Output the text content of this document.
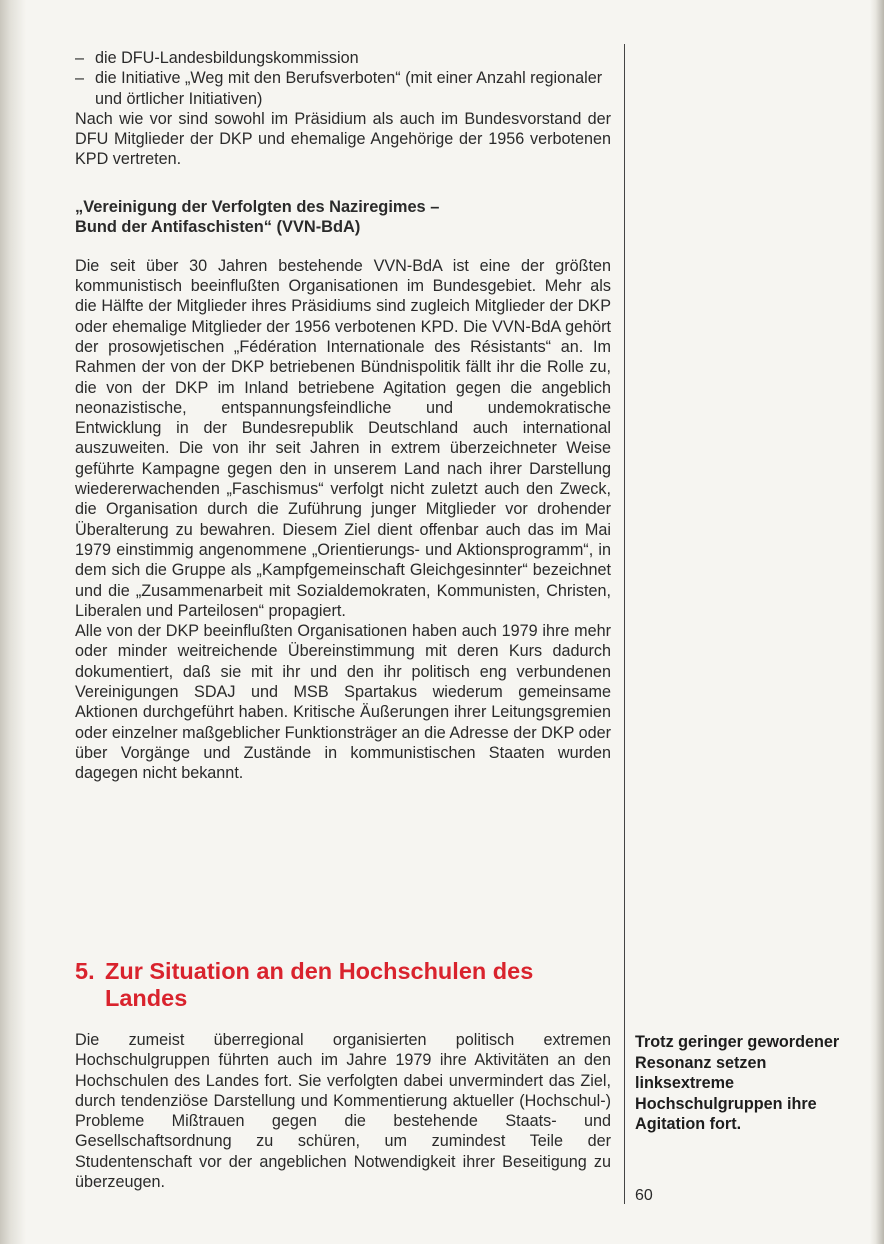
– die DFU-Landesbildungskommission
– die Initiative „Weg mit den Berufsverboten“ (mit einer Anzahl regionaler und örtlicher Initiativen)

Nach wie vor sind sowohl im Präsidium als auch im Bundesvorstand der DFU Mitglieder der DKP und ehemalige Angehörige der 1956 verbotenen KPD vertreten.

„Vereinigung der Verfolgten des Naziregimes –
Bund der Antifaschisten“ (VVN-BdA)

Die seit über 30 Jahren bestehende VVN-BdA ist eine der größten kommunistisch beeinflußten Organisationen im Bundesgebiet. Mehr als die Hälfte der Mitglieder ihres Präsidiums sind zugleich Mitglieder der DKP oder ehemalige Mitglieder der 1956 verbotenen KPD. Die VVN-BdA gehört der prosowjetischen „Fédération Internationale des Résistants“ an. Im Rahmen der von der DKP betriebenen Bündnispolitik fällt ihr die Rolle zu, die von der DKP im Inland betriebene Agitation gegen die angeblich neonazistische, entspannungsfeindliche und undemokratische Entwicklung in der Bundesrepublik Deutschland auch international auszuweiten. Die von ihr seit Jahren in extrem überzeichneter Weise geführte Kampagne gegen den in unserem Land nach ihrer Darstellung wiedererwachenden „Faschismus“ verfolgt nicht zuletzt auch den Zweck, die Organisation durch die Zuführung junger Mitglieder vor drohender Überalterung zu bewahren. Diesem Ziel dient offenbar auch das im Mai 1979 einstimmig angenommene „Orientierungs- und Aktionsprogramm“, in dem sich die Gruppe als „Kampfgemeinschaft Gleichgesinnter“ bezeichnet und die „Zusammenarbeit mit Sozialdemokraten, Kommunisten, Christen, Liberalen und Parteilosen“ propagiert.

Alle von der DKP beeinflußten Organisationen haben auch 1979 ihre mehr oder minder weitreichende Übereinstimmung mit deren Kurs dadurch dokumentiert, daß sie mit ihr und den ihr politisch eng verbundenen Vereinigungen SDAJ und MSB Spartakus wiederum gemeinsame Aktionen durchgeführt haben. Kritische Äußerungen ihrer Leitungsgremien oder einzelner maßgeblicher Funktionsträger an die Adresse der DKP oder über Vorgänge und Zustände in kommunistischen Staaten wurden dagegen nicht bekannt.

5. Zur Situation an den Hochschulen des
Landes

Die zumeist überregional organisierten politisch extremen Hochschulgruppen führten auch im Jahre 1979 ihre Aktivitäten an den Hochschulen des Landes fort. Sie verfolgten dabei unvermindert das Ziel, durch tendenziöse Darstellung und Kommentierung aktueller (Hochschul-) Probleme Mißtrauen gegen die bestehende Staats- und Gesellschaftsordnung zu schüren, um zumindest Teile der Studentenschaft vor der angeblichen Notwendigkeit ihrer Beseitigung zu überzeugen.

Trotz geringer gewordener Resonanz setzen linksextreme Hochschulgruppen ihre Agitation fort.
60
